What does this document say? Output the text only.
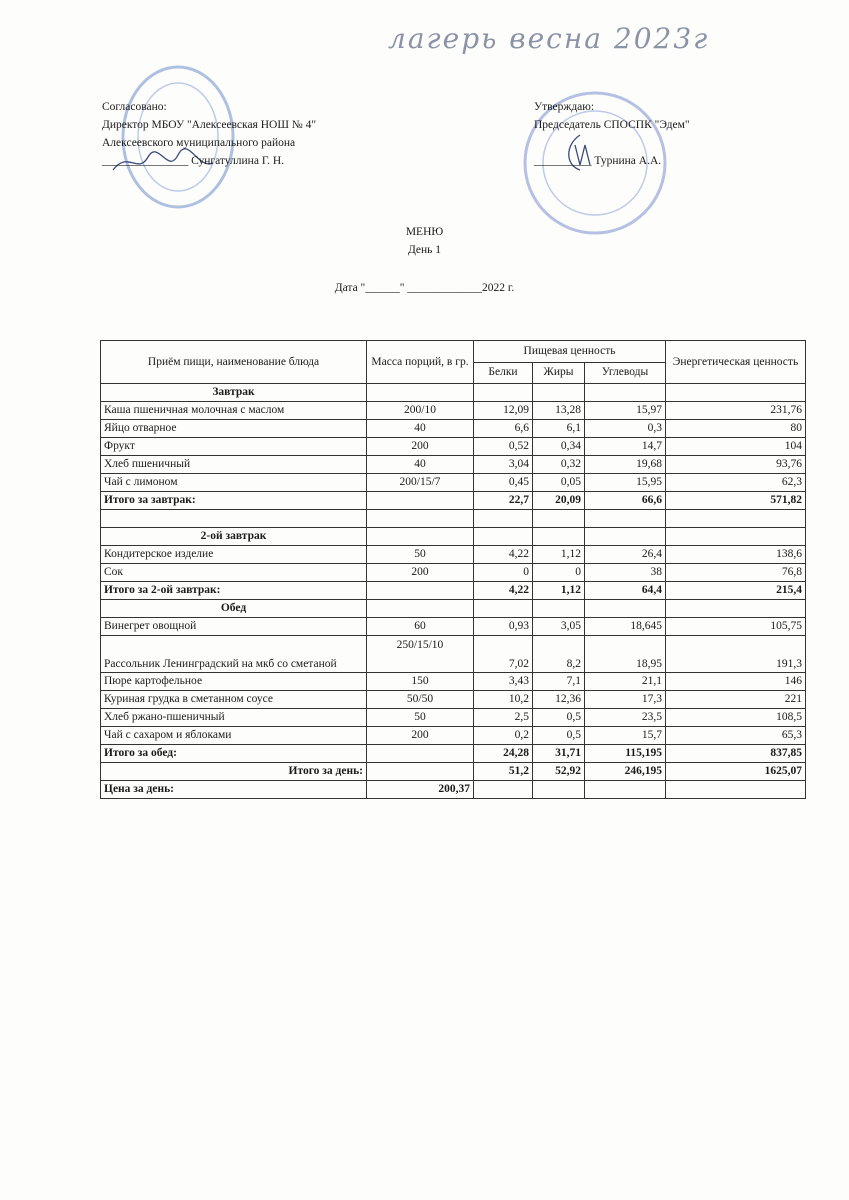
лагерь весна 2023г
Согласовано:
Директор МБОУ "Алексеевская НОШ № 4"
Алексеевского муниципального района
_______________ Сунгатуллина Г. Н.
Утверждаю:
Председатель СПОСПК "Эдем"

__________ Турнина А.А.
МЕНЮ
День 1
Дата "______" _____________2022 г.
Приём пищи, наименование блюда	Масса порций, в гр.	Пищевая ценность			Энергетическая ценность
		Белки	Жиры	Углеводы	
Завтрак					
Каша пшеничная молочная с маслом	200/10	12,09	13,28	15,97	231,76
Яйцо отварное	40	6,6	6,1	0,3	80
Фрукт	200	0,52	0,34	14,7	104
Хлеб пшеничный	40	3,04	0,32	19,68	93,76
Чай с лимоном	200/15/7	0,45	0,05	15,95	62,3
Итого за завтрак:		22,7	20,09	66,6	571,82

2-ой завтрак					
Кондитерское изделие	50	4,22	1,12	26,4	138,6
Сок	200	0	0	38	76,8
Итого за 2-ой завтрак:		4,22	1,12	64,4	215,4
Обед					
Винегрет овощной	60	0,93	3,05	18,645	105,75
Рассольник Ленинградский на мкб со сметаной	250/15/10	7,02	8,2	18,95	191,3
Пюре картофельное	150	3,43	7,1	21,1	146
Куриная грудка в сметанном соусе	50/50	10,2	12,36	17,3	221
Хлеб ржано-пшеничный	50	2,5	0,5	23,5	108,5
Чай с сахаром и яблоками	200	0,2	0,5	15,7	65,3
Итого за обед:		24,28	31,71	115,195	837,85
Итого за день:		51,2	52,92	246,195	1625,07
Цена за день:	200,37				
